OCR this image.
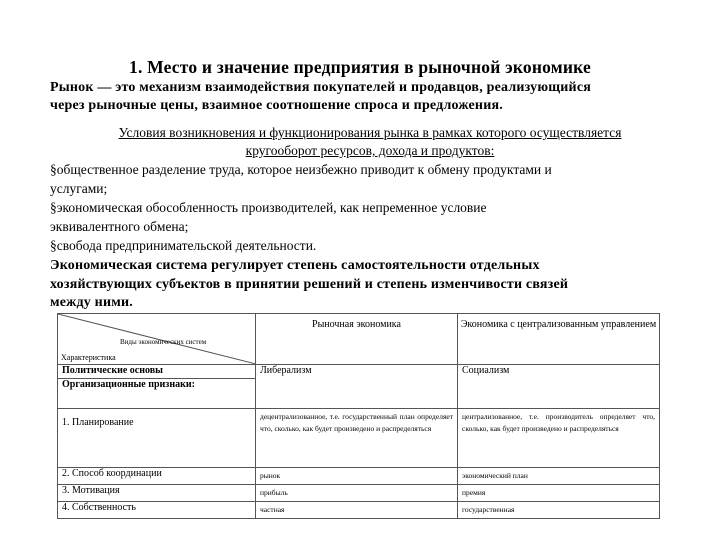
1. Место и значение предприятия в рыночной экономике
Рынок — это механизм взаимодействия покупателей и продавцов, реализующийся
через рыночные цены, взаимное соотношение спроса и предложения.
Условия возникновения и функционирования рынка в рамках которого осуществляется
кругооборот ресурсов, дохода и продуктов:
§общественное разделение труда, которое неизбежно приводит к обмену продуктами и
услугами;
§экономическая обособленность производителей, как непременное условие
эквивалентного обмена;
§свобода предпринимательской деятельности.
Экономическая система регулирует степень самостоятельности отдельных
хозяйствующих субъектов в принятии решений и степень изменчивости связей
между ними.
Виды экономических систем
Характеристика	Рыночная экономика	Экономика с централизованным управлением
Политические основы	Либерализм	Социализм
Организационные признаки:		
1. Планирование	децентрализованное, т.е. государственный план определяет что, сколько, как будет произведено и распределяться	централизованное, т.е. производитель определяет что, сколько, как будет произведено и распределяться
2. Способ координации	рынок	экономический план
3. Мотивация	прибыль	премия
4. Собственность	частная	государственная
